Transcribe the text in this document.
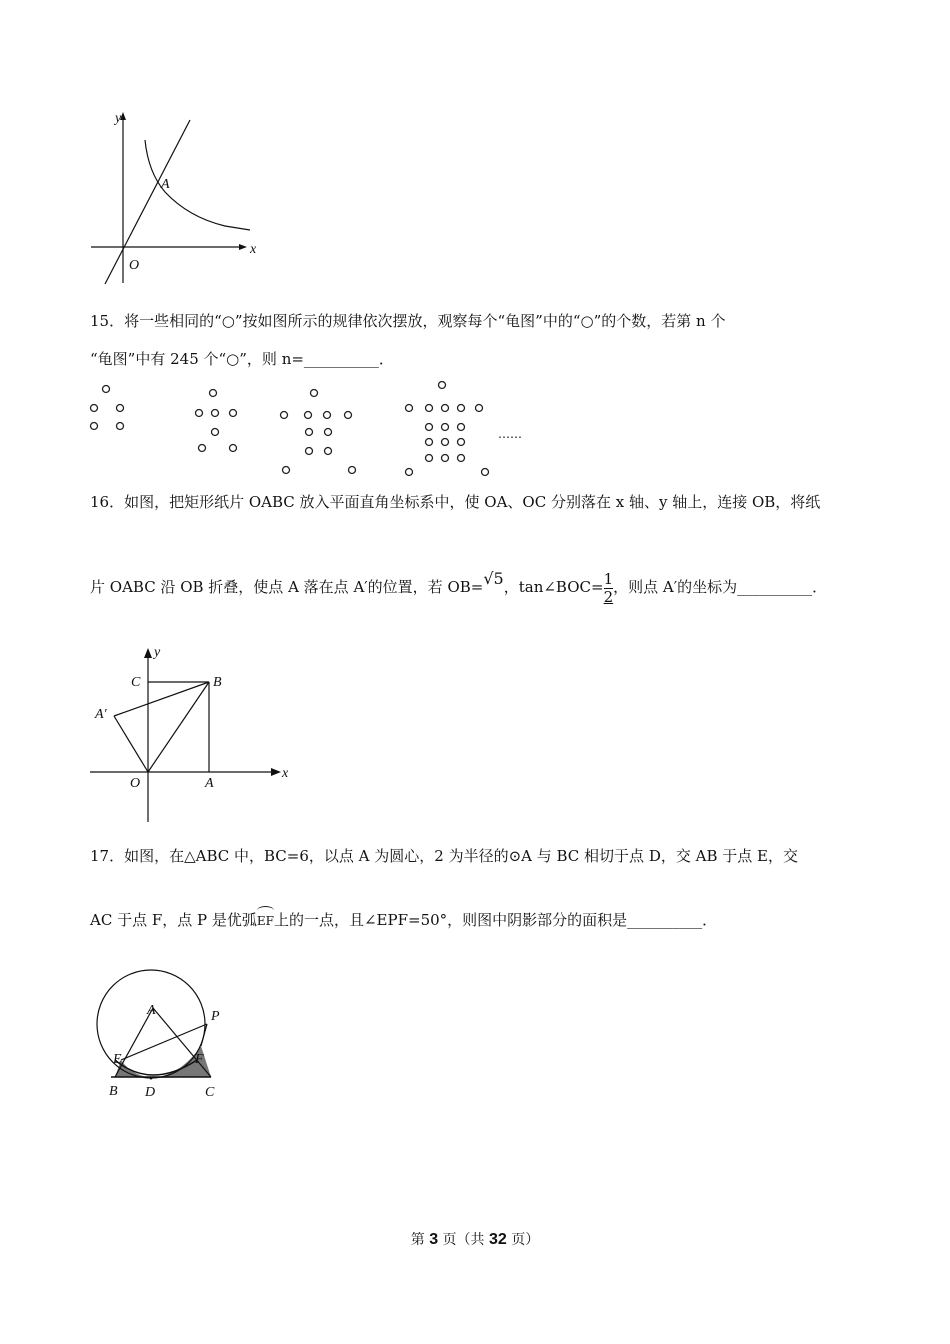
y
x
O
A
15．将一些相同的“○”按如图所示的规律依次摆放，观察每个“龟图”中的“○”的个数，若第 n 个
“龟图”中有 245 个“○”，则 n=__________．
……
16．如图，把矩形纸片 OABC 放入平面直角坐标系中，使 OA、OC 分别落在 x 轴、y 轴上，连接 OB，将纸
片 OABC 沿 OB 折叠，使点 A 落在点 A′的位置，若 OB=√5，tan∠BOC= $\frac{1}{2}$ ，则点 A′的坐标为__________．
y
x
C	B
A′
O	A
17．如图，在△ABC 中，BC=6，以点 A 为圆心，2 为半径的⊙A 与 BC 相切于点 D，交 AB 于点 E，交
AC 于点 F，点 P 是优弧EF上的一点，且∠EPF=50°，则图中阴影部分的面积是__________．
A	P
E	F
B D	C
第 3 页（共 32 页）
